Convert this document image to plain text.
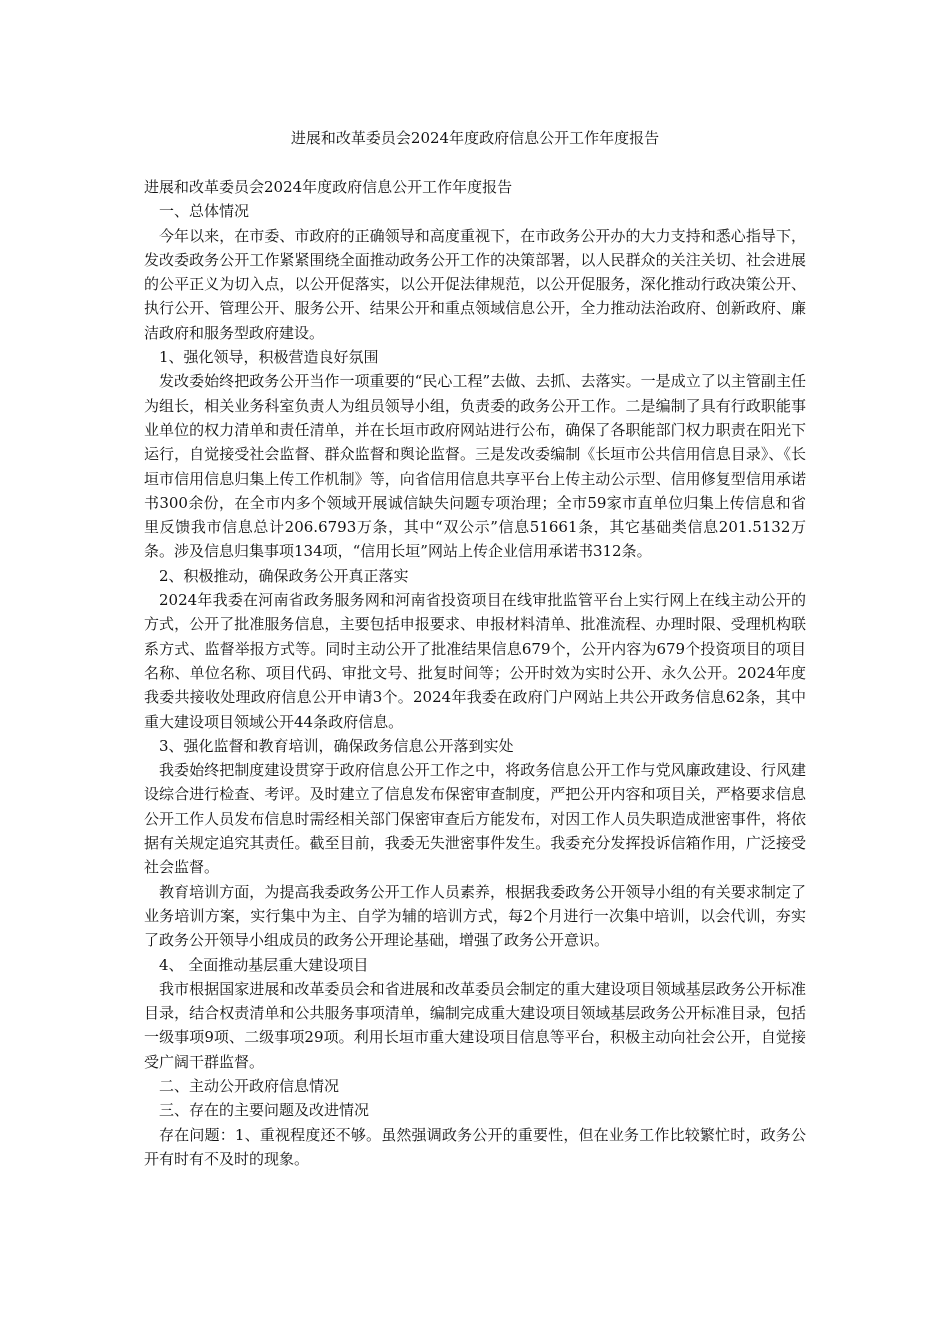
进展和改革委员会2024年度政府信息公开工作年度报告

进展和改革委员会2024年度政府信息公开工作年度报告

一、总体情况

今年以来，在市委、市政府的正确领导和高度重视下，在市政务公开办的大力支持和悉心指导下，发改委政务公开工作紧紧围绕全面推动政务公开工作的决策部署，以人民群众的关注关切、社会进展的公平正义为切入点，以公开促落实，以公开促法律规范，以公开促服务，深化推动行政决策公开、执行公开、管理公开、服务公开、结果公开和重点领域信息公开，全力推动法治政府、创新政府、廉洁政府和服务型政府建设。

1、强化领导，积极营造良好氛围

发改委始终把政务公开当作一项重要的“民心工程”去做、去抓、去落实。一是成立了以主管副主任为组长，相关业务科室负责人为组员领导小组，负责委的政务公开工作。二是编制了具有行政职能事业单位的权力清单和责任清单，并在长垣市政府网站进行公布，确保了各职能部门权力职责在阳光下运行，自觉接受社会监督、群众监督和舆论监督。三是发改委编制《长垣市公共信用信息目录》、《长垣市信用信息归集上传工作机制》等，向省信用信息共享平台上传主动公示型、信用修复型信用承诺书300余份，在全市内多个领域开展诚信缺失问题专项治理；全市59家市直单位归集上传信息和省里反馈我市信息总计206.6793万条，其中“双公示”信息51661条，其它基础类信息201.5132万条。涉及信息归集事项134项，“信用长垣”网站上传企业信用承诺书312条。

2、积极推动，确保政务公开真正落实

2024年我委在河南省政务服务网和河南省投资项目在线审批监管平台上实行网上在线主动公开的方式，公开了批准服务信息，主要包括申报要求、申报材料清单、批准流程、办理时限、受理机构联系方式、监督举报方式等。同时主动公开了批准结果信息679个，公开内容为679个投资项目的项目名称、单位名称、项目代码、审批文号、批复时间等；公开时效为实时公开、永久公开。2024年度我委共接收处理政府信息公开申请3个。2024年我委在政府门户网站上共公开政务信息62条，其中重大建设项目领域公开44条政府信息。

3、强化监督和教育培训，确保政务信息公开落到实处

我委始终把制度建设贯穿于政府信息公开工作之中，将政务信息公开工作与党风廉政建设、行风建设综合进行检查、考评。及时建立了信息发布保密审查制度，严把公开内容和项目关，严格要求信息公开工作人员发布信息时需经相关部门保密审查后方能发布，对因工作人员失职造成泄密事件，将依据有关规定追究其责任。截至目前，我委无失泄密事件发生。我委充分发挥投诉信箱作用，广泛接受社会监督。

教育培训方面，为提高我委政务公开工作人员素养，根据我委政务公开领导小组的有关要求制定了业务培训方案，实行集中为主、自学为辅的培训方式，每2个月进行一次集中培训，以会代训，夯实了政务公开领导小组成员的政务公开理论基础，增强了政务公开意识。

4、 全面推动基层重大建设项目

我市根据国家进展和改革委员会和省进展和改革委员会制定的重大建设项目领域基层政务公开标准目录，结合权责清单和公共服务事项清单，编制完成重大建设项目领域基层政务公开标准目录，包括一级事项9项、二级事项29项。利用长垣市重大建设项目信息等平台，积极主动向社会公开，自觉接受广阔干群监督。

二、主动公开政府信息情况

三、存在的主要问题及改进情况

存在问题：1、重视程度还不够。虽然强调政务公开的重要性，但在业务工作比较繁忙时，政务公开有时有不及时的现象。
